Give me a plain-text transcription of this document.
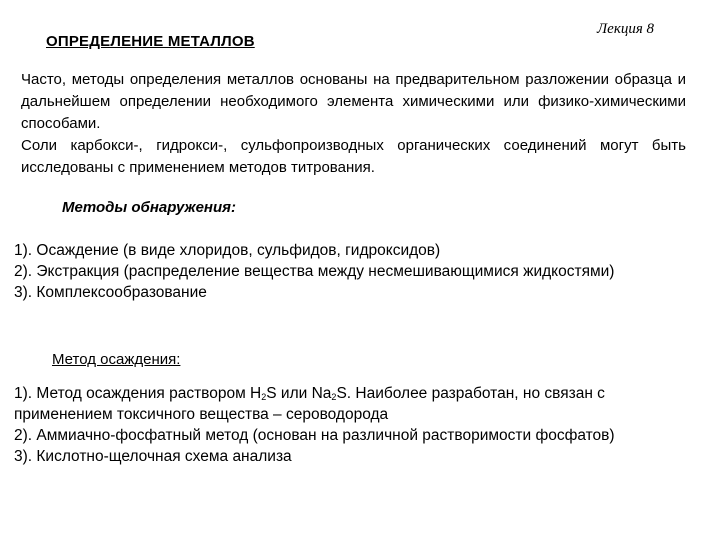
ОПРЕДЕЛЕНИЕ МЕТАЛЛОВ
Лекция 8

Часто, методы определения металлов основаны на предварительном разложении образца и дальнейшем определении необходимого элемента химическими или физико-химическими способами.

Соли карбокси-, гидрокси-, сульфопроизводных органических соединений могут быть исследованы с применением методов титрования.

Методы обнаружения:

1). Осаждение (в виде хлоридов, сульфидов, гидроксидов)

2). Экстракция (распределение вещества между несмешивающимися жидкостями)

3). Комплексообразование

Метод осаждения:

1). Метод осаждения раствором $H_2S$ или $Na_2S$. Наиболее разработан, но связан с применением токсичного вещества – сероводорода

2). Аммиачно-фосфатный метод (основан на различной растворимости фосфатов)

3). Кислотно-щелочная схема анализа
